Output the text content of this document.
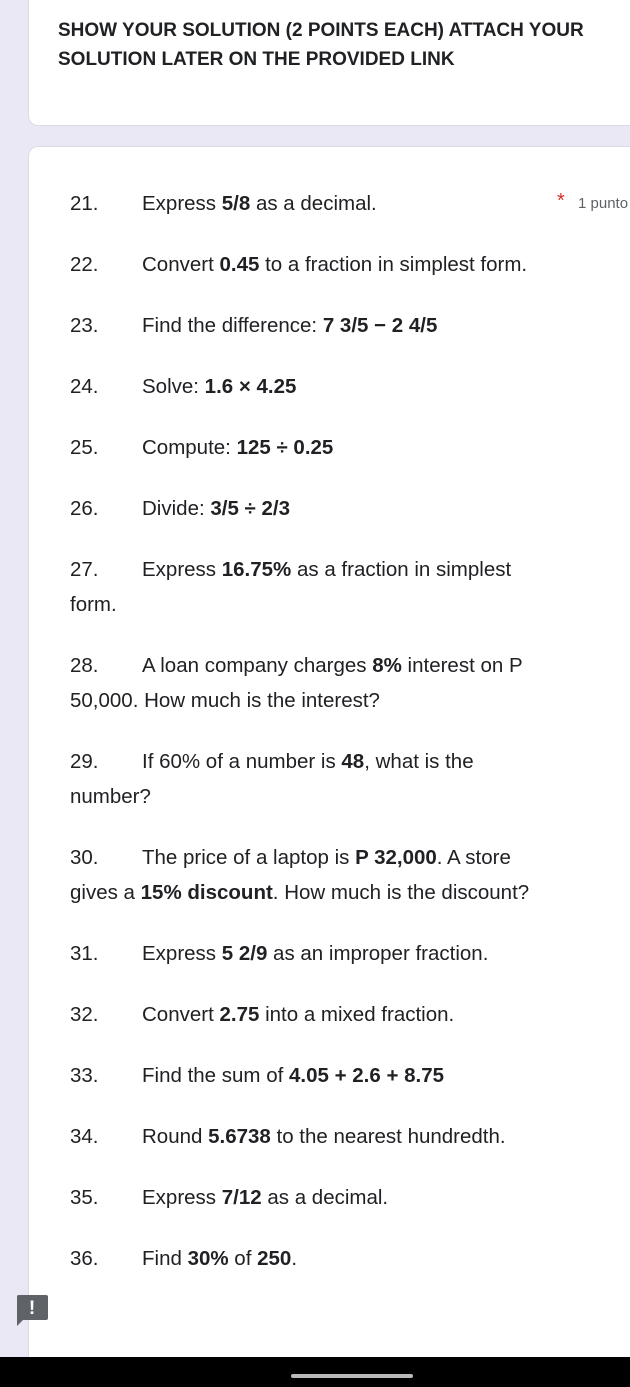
SHOW YOUR SOLUTION (2 POINTS EACH) ATTACH YOUR SOLUTION LATER ON THE PROVIDED LINK
* 1 punto
21. Express 5/8 as a decimal.
22. Convert 0.45 to a fraction in simplest form.
23. Find the difference: 7 3/5 − 2 4/5
24. Solve: 1.6 × 4.25
25. Compute: 125 ÷ 0.25
26. Divide: 3/5 ÷ 2/3
27. Express 16.75% as a fraction in simplest form.
28. A loan company charges 8% interest on P 50,000. How much is the interest?
29. If 60% of a number is 48, what is the number?
30. The price of a laptop is P 32,000. A store gives a 15% discount. How much is the discount?
31. Express 5 2/9 as an improper fraction.
32. Convert 2.75 into a mixed fraction.
33. Find the sum of 4.05 + 2.6 + 8.75
34. Round 5.6738 to the nearest hundredth.
35. Express 7/12 as a decimal.
36. Find 30% of 250.
!
